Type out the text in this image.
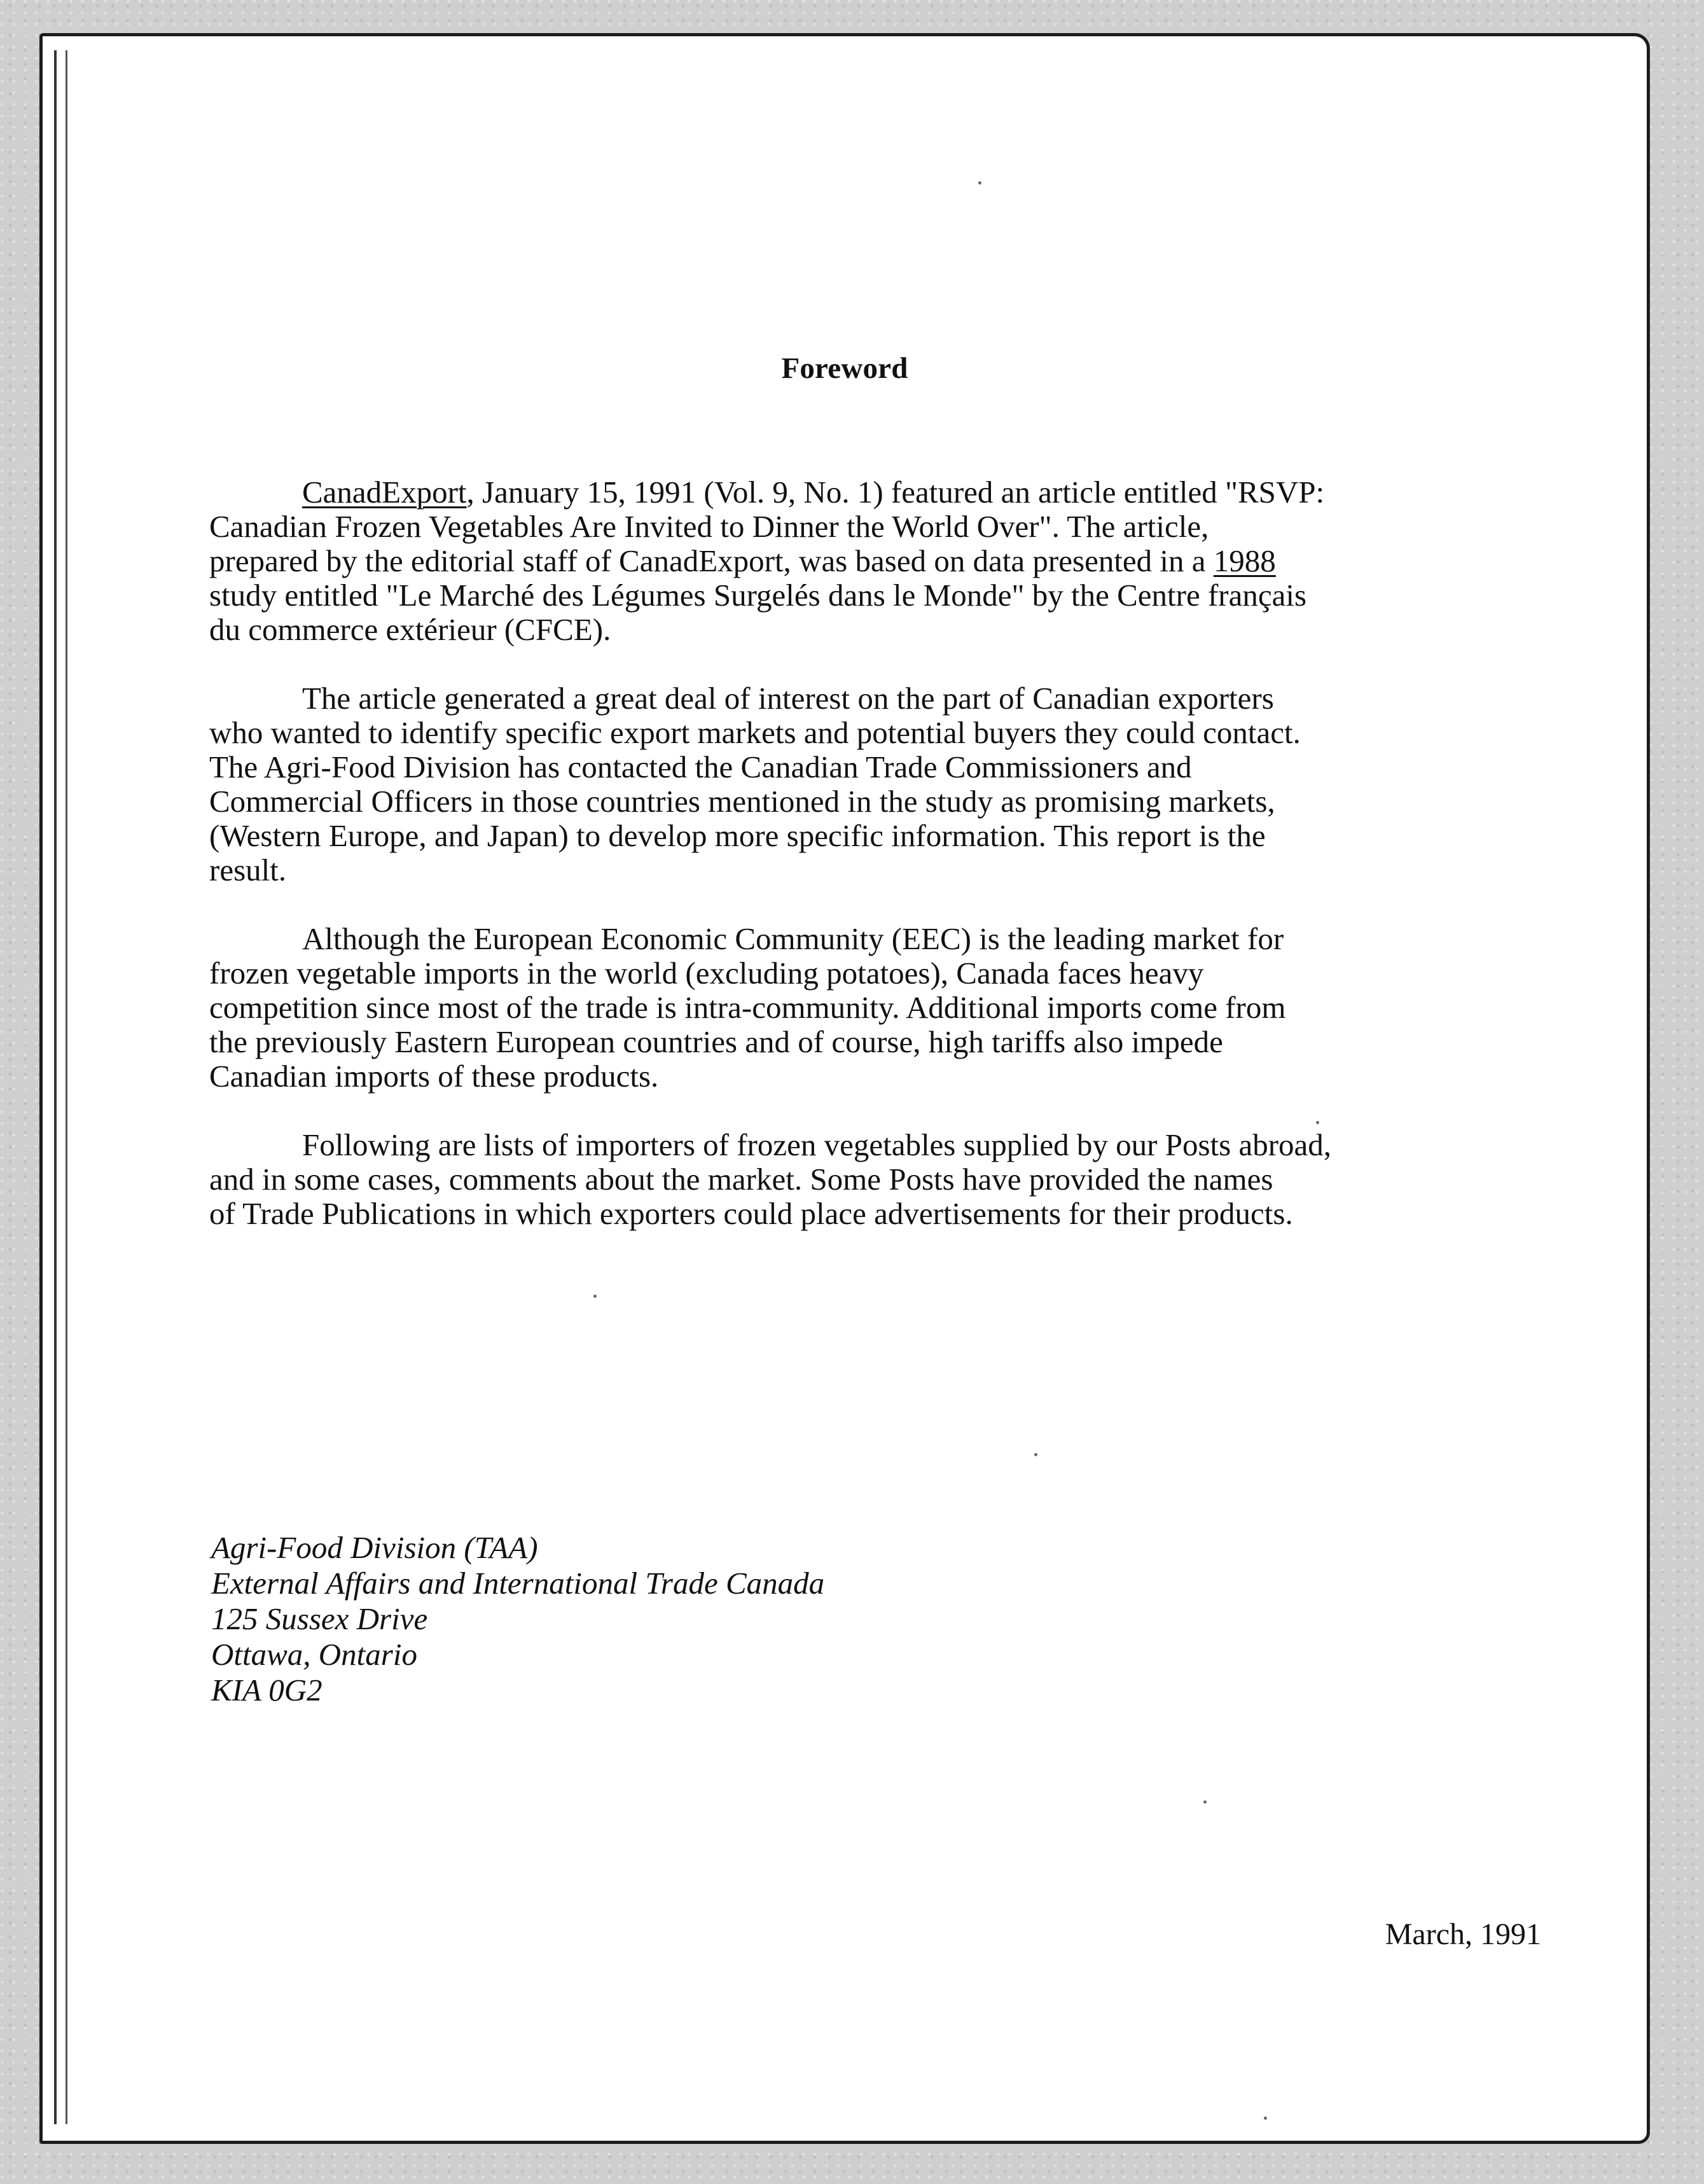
Foreword

CanadExport, January 15, 1991 (Vol. 9, No. 1) featured an article entitled "RSVP:
Canadian Frozen Vegetables Are Invited to Dinner the World Over". The article,
prepared by the editorial staff of CanadExport, was based on data presented in a 1988
study entitled "Le Marché des Légumes Surgelés dans le Monde" by the Centre français
du commerce extérieur (CFCE).

The article generated a great deal of interest on the part of Canadian exporters
who wanted to identify specific export markets and potential buyers they could contact.
The Agri-Food Division has contacted the Canadian Trade Commissioners and
Commercial Officers in those countries mentioned in the study as promising markets,
(Western Europe, and Japan) to develop more specific information. This report is the
result.

Although the European Economic Community (EEC) is the leading market for
frozen vegetable imports in the world (excluding potatoes), Canada faces heavy
competition since most of the trade is intra-community. Additional imports come from
the previously Eastern European countries and of course, high tariffs also impede
Canadian imports of these products.

Following are lists of importers of frozen vegetables supplied by our Posts abroad,
and in some cases, comments about the market. Some Posts have provided the names
of Trade Publications in which exporters could place advertisements for their products.

Agri-Food Division (TAA)
External Affairs and International Trade Canada
125 Sussex Drive
Ottawa, Ontario
KIA 0G2
March, 1991
